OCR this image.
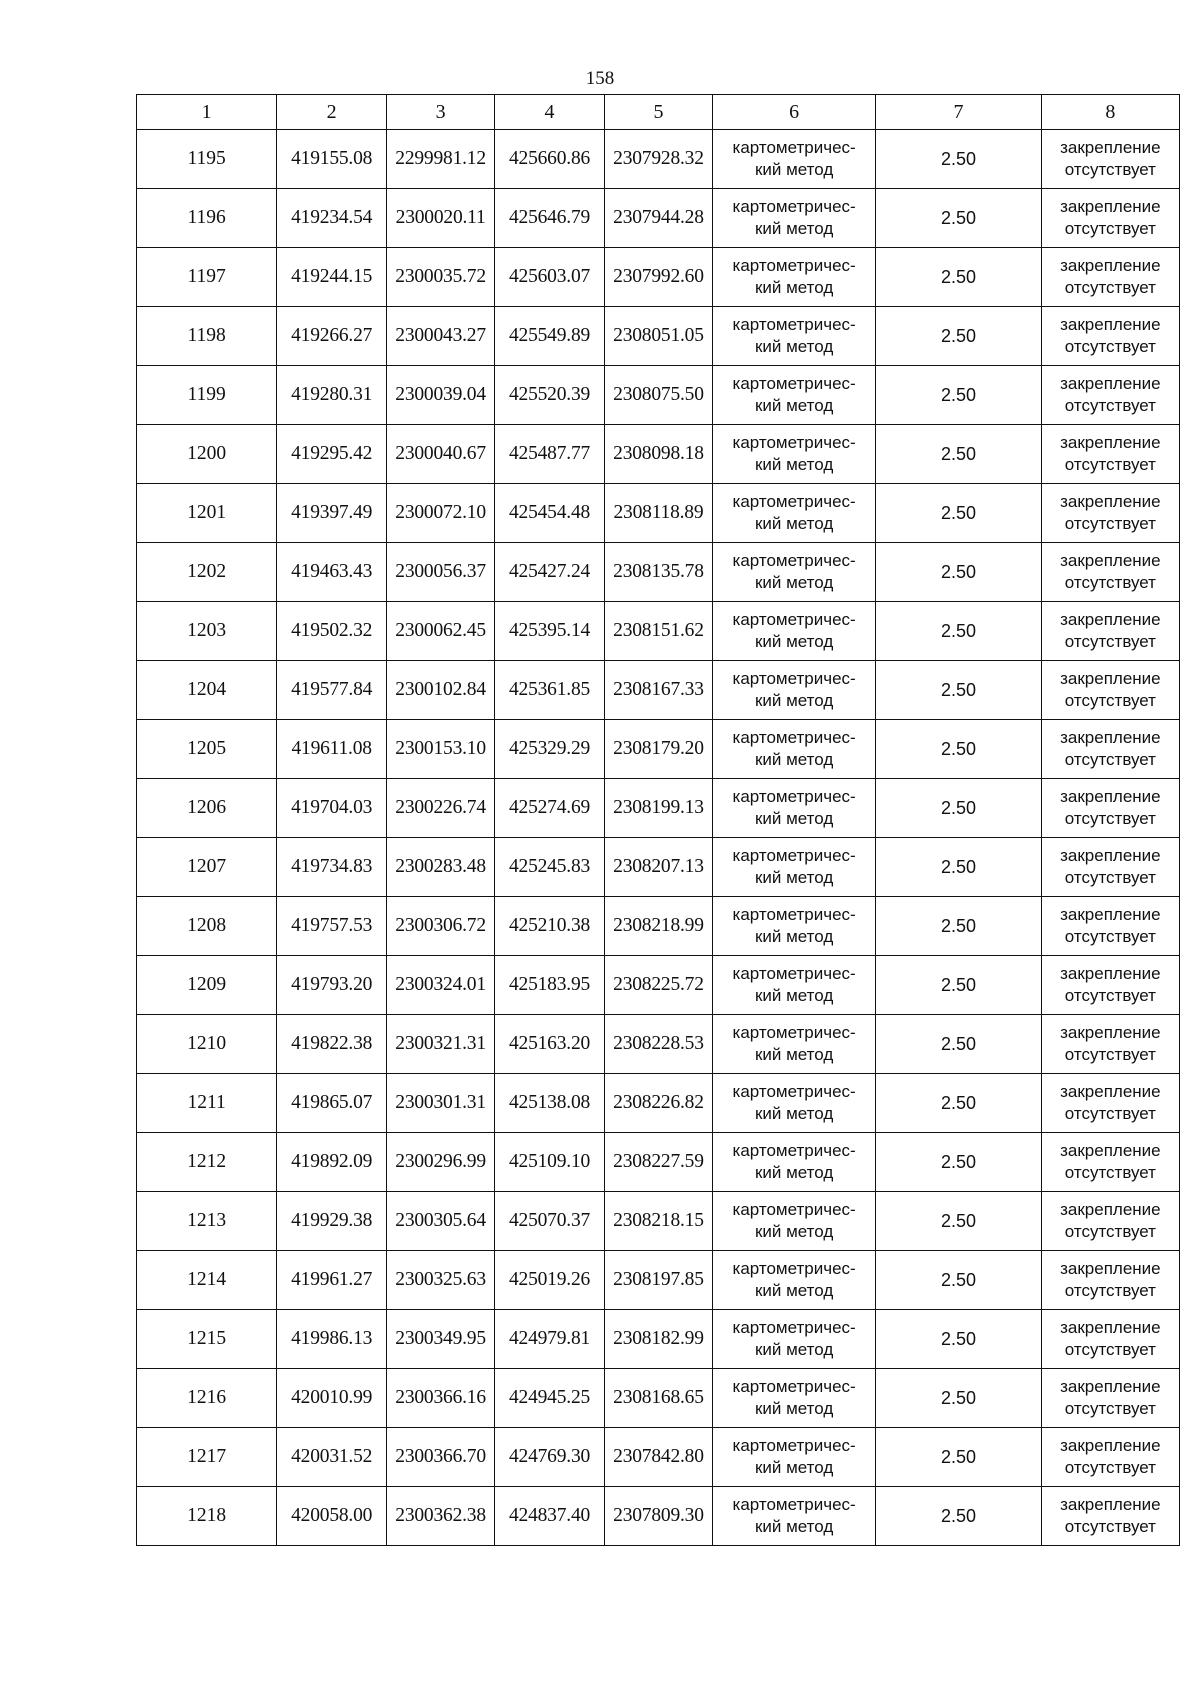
158
1	2	3	4	5	6	7	8
1195	419155.08	2299981.12	425660.86	2307928.32	картометричес-
кий метод	2.50	закрепление
отсутствует

1196	419234.54	2300020.11	425646.79	2307944.28	картометричес-
кий метод	2.50	закрепление
отсутствует

1197	419244.15	2300035.72	425603.07	2307992.60	картометричес-
кий метод	2.50	закрепление
отсутствует

1198	419266.27	2300043.27	425549.89	2308051.05	картометричес-
кий метод	2.50	закрепление
отсутствует

1199	419280.31	2300039.04	425520.39	2308075.50	картометричес-
кий метод	2.50	закрепление
отсутствует

1200	419295.42	2300040.67	425487.77	2308098.18	картометричес-
кий метод	2.50	закрепление
отсутствует

1201	419397.49	2300072.10	425454.48	2308118.89	картометричес-
кий метод	2.50	закрепление
отсутствует

1202	419463.43	2300056.37	425427.24	2308135.78	картометричес-
кий метод	2.50	закрепление
отсутствует

1203	419502.32	2300062.45	425395.14	2308151.62	картометричес-
кий метод	2.50	закрепление
отсутствует

1204	419577.84	2300102.84	425361.85	2308167.33	картометричес-
кий метод	2.50	закрепление
отсутствует

1205	419611.08	2300153.10	425329.29	2308179.20	картометричес-
кий метод	2.50	закрепление
отсутствует

1206	419704.03	2300226.74	425274.69	2308199.13	картометричес-
кий метод	2.50	закрепление
отсутствует

1207	419734.83	2300283.48	425245.83	2308207.13	картометричес-
кий метод	2.50	закрепление
отсутствует

1208	419757.53	2300306.72	425210.38	2308218.99	картометричес-
кий метод	2.50	закрепление
отсутствует

1209	419793.20	2300324.01	425183.95	2308225.72	картометричес-
кий метод	2.50	закрепление
отсутствует

1210	419822.38	2300321.31	425163.20	2308228.53	картометричес-
кий метод	2.50	закрепление
отсутствует

1211	419865.07	2300301.31	425138.08	2308226.82	картометричес-
кий метод	2.50	закрепление
отсутствует

1212	419892.09	2300296.99	425109.10	2308227.59	картометричес-
кий метод	2.50	закрепление
отсутствует

1213	419929.38	2300305.64	425070.37	2308218.15	картометричес-
кий метод	2.50	закрепление
отсутствует

1214	419961.27	2300325.63	425019.26	2308197.85	картометричес-
кий метод	2.50	закрепление
отсутствует

1215	419986.13	2300349.95	424979.81	2308182.99	картометричес-
кий метод	2.50	закрепление
отсутствует

1216	420010.99	2300366.16	424945.25	2308168.65	картометричес-
кий метод	2.50	закрепление
отсутствует

1217	420031.52	2300366.70	424769.30	2307842.80	картометричес-
кий метод	2.50	закрепление
отсутствует

1218	420058.00	2300362.38	424837.40	2307809.30	картометричес-
кий метод	2.50	закрепление
отсутствует
